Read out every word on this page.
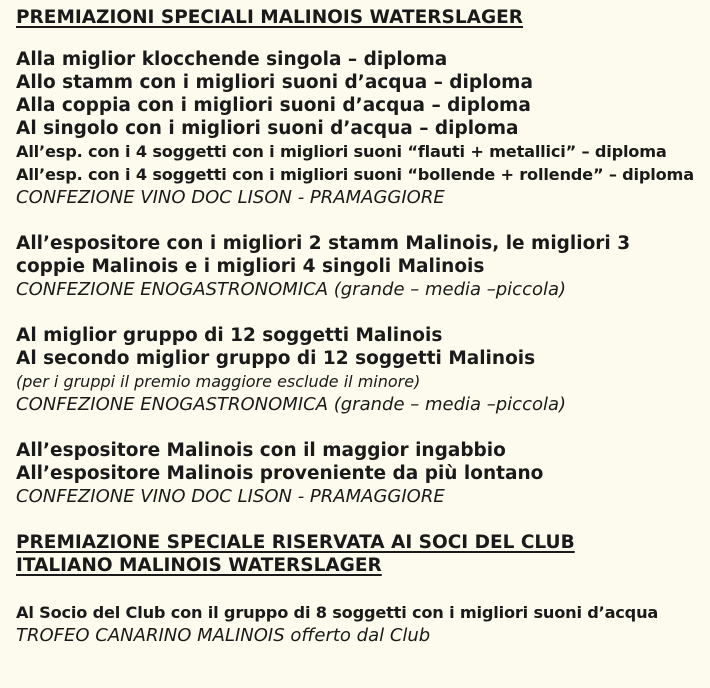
PREMIAZIONI SPECIALI MALINOIS WATERSLAGER

Alla miglior klocchende singola – diploma

Allo stamm con i migliori suoni d’acqua – diploma

Alla coppia con i migliori suoni d’acqua – diploma

Al singolo con i migliori suoni d’acqua – diploma

All’esp. con i 4 soggetti con i migliori suoni “flauti + metallici” – diploma

All’esp. con i 4 soggetti con i migliori suoni “bollende + rollende” – diploma

CONFEZIONE VINO DOC LISON - PRAMAGGIORE

All’espositore con i migliori 2 stamm Malinois, le migliori 3

coppie Malinois e i migliori 4 singoli Malinois

CONFEZIONE ENOGASTRONOMICA (grande – media –piccola)

Al miglior gruppo di 12 soggetti Malinois

Al secondo miglior gruppo di 12 soggetti Malinois

(per i gruppi il premio maggiore esclude il minore)

CONFEZIONE ENOGASTRONOMICA (grande – media –piccola)

All’espositore Malinois con il maggior ingabbio

All’espositore Malinois proveniente da più lontano

CONFEZIONE VINO DOC LISON - PRAMAGGIORE

PREMIAZIONE SPECIALE RISERVATA AI SOCI DEL CLUB

ITALIANO MALINOIS WATERSLAGER

Al Socio del Club con il gruppo di 8 soggetti con i migliori suoni d’acqua

TROFEO CANARINO MALINOIS offerto dal Club
